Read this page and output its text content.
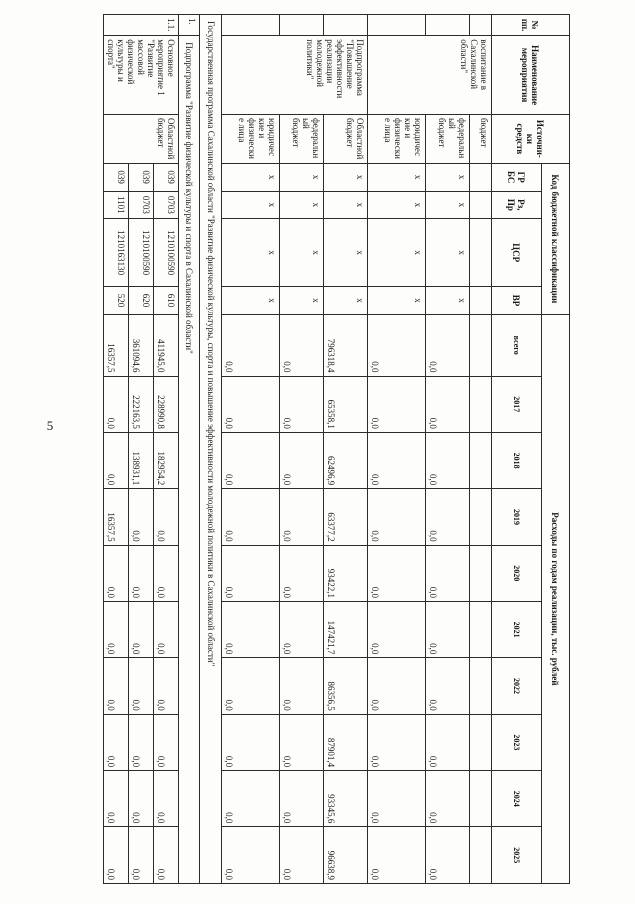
5
№ пп.	Наименование мероприятия	Источни-ки средств	Код бюджетной классификации				Расходы по годам реализации, тыс. рублей									
			ГР БС	Рз, Пр	ЦСР	ВР	всего	2017	2018	2019	2020	2021	2022	2023	2024	2025
	воспитание в Сахалинской области"	бюджет														
		федеральный бюджет	x	x	x	x	0,0	0,0	0,0	0,0	0,0	0,0	0,0	0,0	0,0	0,0
		юридические и физические лица	x	x	x	x	0,0	0,0	0,0	0,0	0,0	0,0	0,0	0,0	0,0	0,0
	Подпрограмма "Повышение эффективности реализации молодежной политики"	Областной бюджет	x	x	x	x	796318,4	65358,1	62496,9	63377,2	93422,1	147421,7	86356,5	87901,4	93345,6	96638,9
		федеральный бюджет	x	x	x	x	0,0	0,0	0,0	0,0	0,0	0,0	0,0	0,0	0,0	0,0
		юридические и физические лица	x	x	x	x	0,0	0,0	0,0	0,0	0,0	0,0	0,0	0,0	0,0	0,0
Государственная программа Сахалинской области "Развитие физической культуры, спорта и повышение эффективности молодежной политики в Сахалинской области"																
1.	Подпрограмма "Развитие физической культуры и спорта в Сахалинской области"															
1.1.	Основное мероприятие 1 "Развитие массовой физической культуры и спорта"	Областной бюджет	039	0703	1210100590	610	411945,0	228990,8	182954,2	0,0	0,0	0,0	0,0	0,0	0,0	0,0
			039	0703	1210100590	620	361094,6	222163,5	138931,1	0,0	0,0	0,0	0,0	0,0	0,0	0,0
			039	1101	1210163130	520	16357,5	0,0	0,0	16357,5	0,0	0,0	0,0	0,0	0,0	0,0
